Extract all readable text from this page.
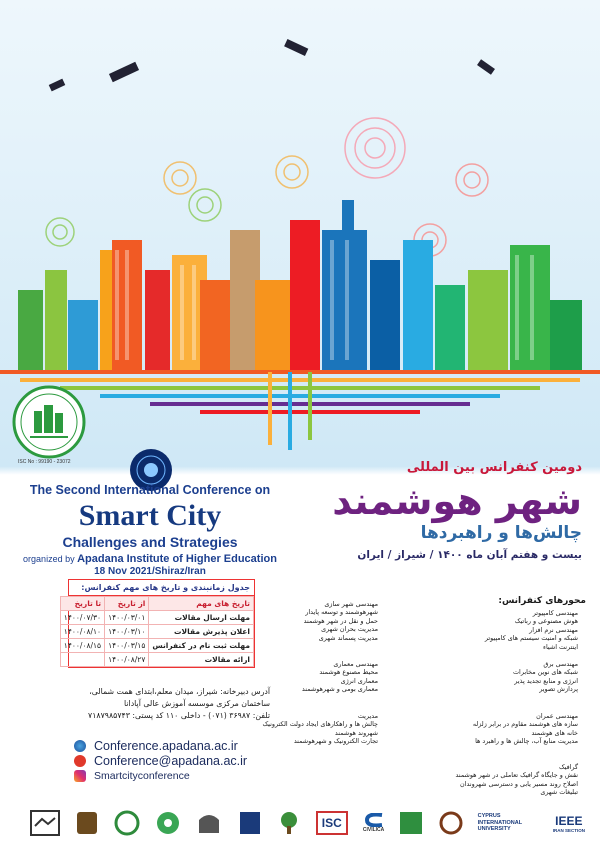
ISC No : 99190 - 23072
The Second International Conference on
Smart City
Challenges and Strategies
organized by Apadana Institute of Higher Education
18 Nov 2021/Shiraz/Iran
دومین کنفرانس بین المللی
شهر هوشمند
چالش‌ها و راهبردها
بیست و هفتم آبان ماه ۱۴۰۰ / شیراز / ایران
جدول زمانبندی و تاریخ های مهم کنفرانس:
تاریخ های مهم	از تاریخ	تا تاریخ
مهلت ارسال مقالات	۱۴۰۰/۰۳/۰۱	۱۴۰۰/۰۷/۳۰
اعلان پذیرش مقالات	۱۴۰۰/۰۳/۱۰	۱۴۰۰/۰۸/۱۰
مهلت ثبت نام در کنفرانس	۱۴۰۰/۰۳/۱۵	۱۴۰۰/۰۸/۱۵
ارائه مقالات	۱۴۰۰/۰۸/۲۷	
آدرس دبیرخانه: شیراز، میدان معلم،ابتدای همت شمالی،
ساختمان مرکزی موسسه آموزش عالی آپادانا
تلفن: ۳۶۹۸۷ (۰۷۱) - داخلی ۱۱۰ کد پستی: ۷۱۸۷۹۸۵۷۴۳
Conference.apadana.ac.ir
Conference@apadana.ac.ir
Smartcityconference
محورهای کنفرانس:
مهندسی کامپیوتر
هوش مصنوعی و رباتیک
مهندسی نرم افزار
شبکه و امنیت سیستم های کامپیوتر
اینترنت اشیاء
مهندسی شهر سازی
شهرهوشمند و توسعه پایدار
حمل و نقل در شهر هوشمند
مدیریت بحران شهری
مدیریت پسماند شهری
مهندسی برق
شبکه های نوین مخابرات
انرژی و منابع تجدید پذیر
پردازش تصویر
مهندسی معماری
محیط مصنوع هوشمند
معماری انرژی
معماری بومی و شهرهوشمند
مهندسی عمران
سازه های هوشمند مقاوم در برابر زلزله
خانه های هوشمند
مدیریت منابع آب، چالش ها و راهبرد ها
مدیریت
چالش ها و راهکارهای ایجاد دولت الکترونیک
شهروند هوشمند
تجارت الکترونیک و شهرهوشمند
گرافیک
نقش و جایگاه گرافیک تعاملی در شهر هوشمند
اصلاح روند مسیر یابی و دسترسی شهروندان
تبلیغات شهری
ISC	CIVILICA
CYPRUS INTERNATIONAL UNIVERSITY
IEEE
IRAN SECTION
